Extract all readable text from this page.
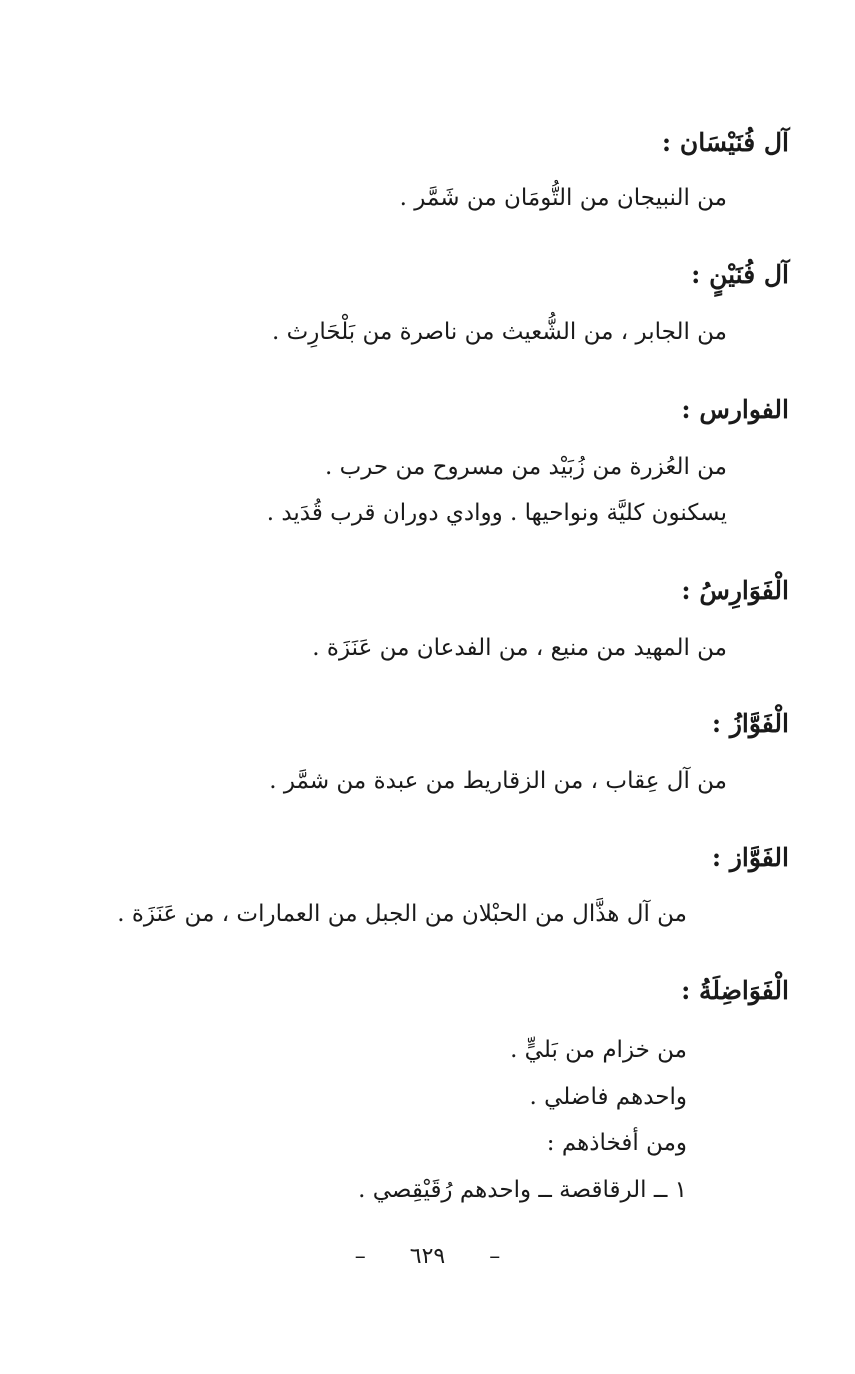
آل فُنَيْسَان :
من النبيجان من التُّومَان من شَمَّر .
آل فُنَيْنٍ :
من الجابر ، من الشُّعيث من ناصرة من بَلْحَارِث .
الفوارس :
من العُزرة من زُبَيْد من مسروح من حرب .
يسكنون كليَّة ونواحيها . ووادي دوران قرب قُدَيد .
الْفَوَارِسُ :
من المهيد من منيع ، من الفدعان من عَنَزَة .
الْفَوَّازُ :
من آل عِقاب ، من الزقاريط من عبدة من شمَّر .
الفَوَّاز :
من آل هذَّال من الحبْلان من الجبل من العمارات ، من عَنَزَة .
الْفَوَاضِلَةُ :
من خزام من بَليٍّ .
واحدهم فاضلي .
ومن أفخاذهم :
١ ــ الرقاقصة ــ واحدهم رُقَيْقِصي .
– ٦٢٩ –
